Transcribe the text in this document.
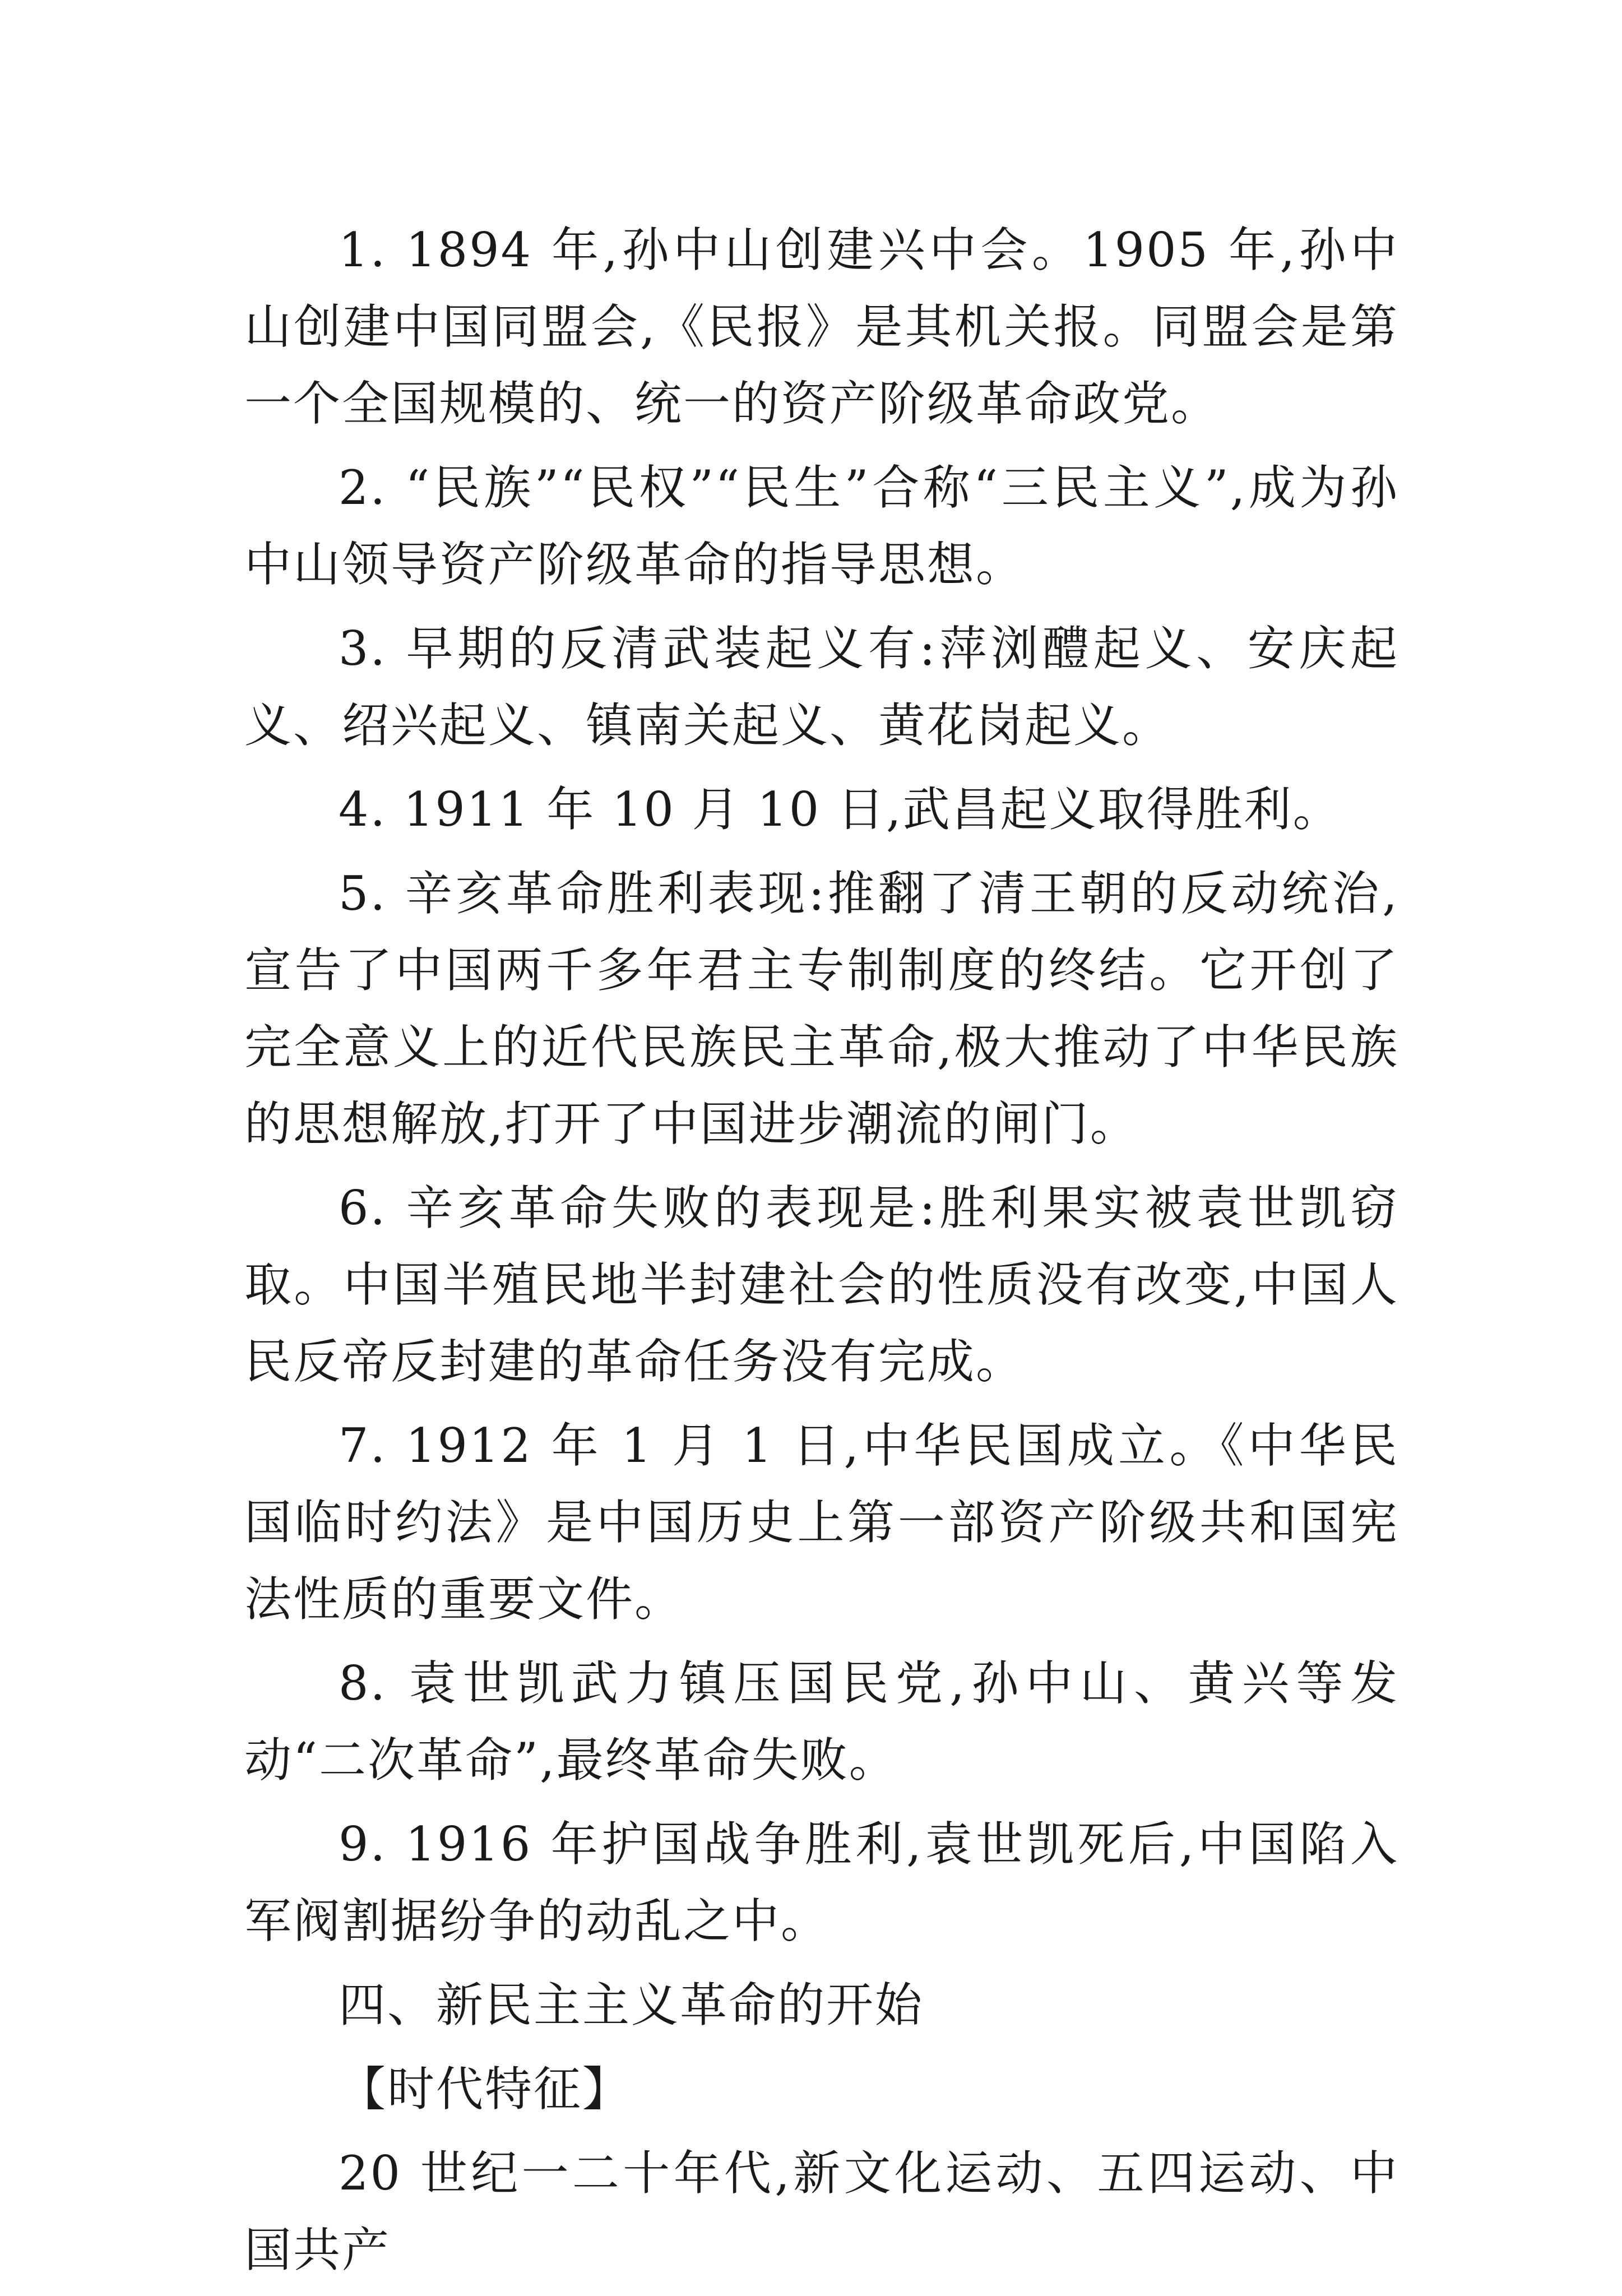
1. 1894 年,孙中山创建兴中会。1905 年,孙中山创建中国同盟会,《民报》是其机关报。同盟会是第一个全国规模的、统一的资产阶级革命政党。

2. “民族”“民权”“民生”合称“三民主义”,成为孙中山领导资产阶级革命的指导思想。

3. 早期的反清武装起义有:萍浏醴起义、安庆起义、绍兴起义、镇南关起义、黄花岗起义。

4. 1911 年 10 月 10 日,武昌起义取得胜利。

5. 辛亥革命胜利表现:推翻了清王朝的反动统治,宣告了中国两千多年君主专制制度的终结。它开创了完全意义上的近代民族民主革命,极大推动了中华民族的思想解放,打开了中国进步潮流的闸门。

6. 辛亥革命失败的表现是:胜利果实被袁世凯窃取。中国半殖民地半封建社会的性质没有改变,中国人民反帝反封建的革命任务没有完成。

7. 1912 年 1 月 1 日,中华民国成立。《中华民国临时约法》是中国历史上第一部资产阶级共和国宪法性质的重要文件。

8. 袁世凯武力镇压国民党,孙中山、黄兴等发动“二次革命”,最终革命失败。

9. 1916 年护国战争胜利,袁世凯死后,中国陷入军阀割据纷争的动乱之中。

四、新民主主义革命的开始

【时代特征】

20 世纪一二十年代,新文化运动、五四运动、中国共产
